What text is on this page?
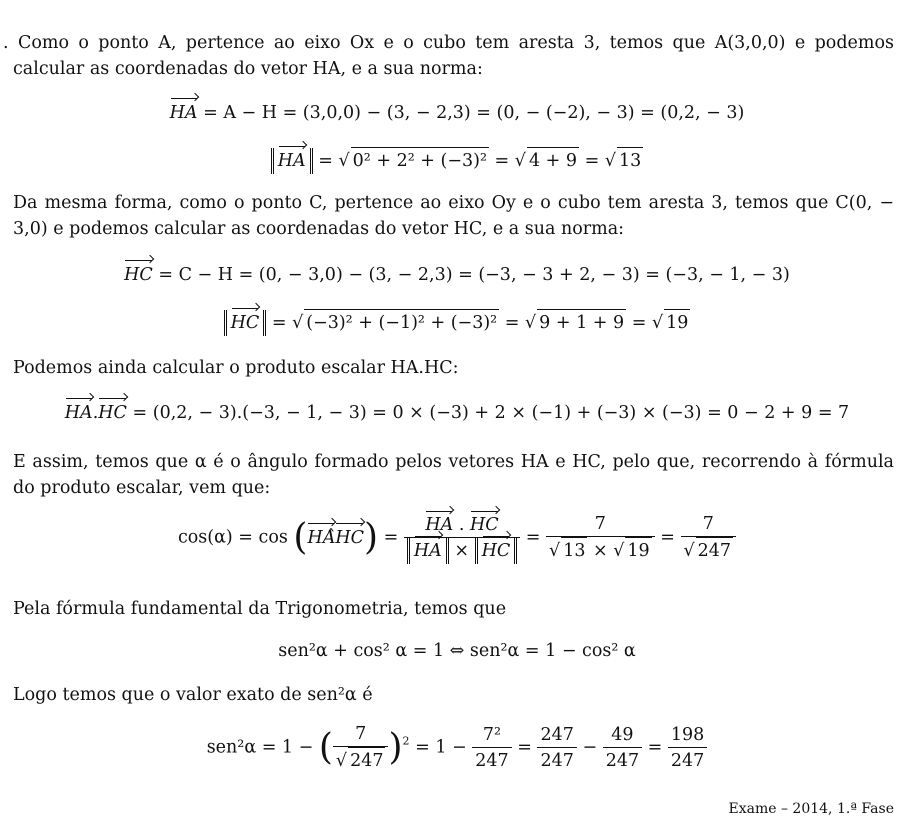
. Como o ponto A, pertence ao eixo Ox e o cubo tem aresta 3, temos que A(3,0,0) e podemos calcular as coordenadas do vetor HA, e a sua norma:
HA = A − H = (3,0,0) − (3, − 2,3) = (0, − (−2), − 3) = (0,2, − 3)
HA = √ 0² + 2² + (−3)² = √ 4 + 9 = √ 13
Da mesma forma, como o ponto C, pertence ao eixo Oy e o cubo tem aresta 3, temos que C(0, − 3,0) e podemos calcular as coordenadas do vetor HC, e a sua norma:
HC = C − H = (0, − 3,0) − (3, − 2,3) = (−3, − 3 + 2, − 3) = (−3, − 1, − 3)
HC = √ (−3)² + (−1)² + (−3)² = √ 9 + 1 + 9 = √ 19
Podemos ainda calcular o produto escalar HA.HC:
HA.HC = (0,2, − 3).(−3, − 1, − 3) = 0 × (−3) + 2 × (−1) + (−3) × (−3) = 0 − 2 + 9 = 7
E assim, temos que α é o ângulo formado pelos vetores HA e HC, pelo que, recorrendo à fórmula do produto escalar, vem que:
cos(α) = cos (HAHC) = $\frac{HA . HC}{HA \times HC} = 7$
√ 13 × √ 19 = 7
√ 247
Pela fórmula fundamental da Trigonometria, temos que
sen²α + cos² α = 1 ⇔ sen²α = 1 − cos² α
Logo temos que o valor exato de sen²α é
sen²α = 1 − ( 7
√ 247 )$^2 = 1 - \frac{\text{7²}}{247} = \frac{247}{247} - \frac{49}{247} = \frac{198}{247}$
Exame – 2014, 1.ª Fase
